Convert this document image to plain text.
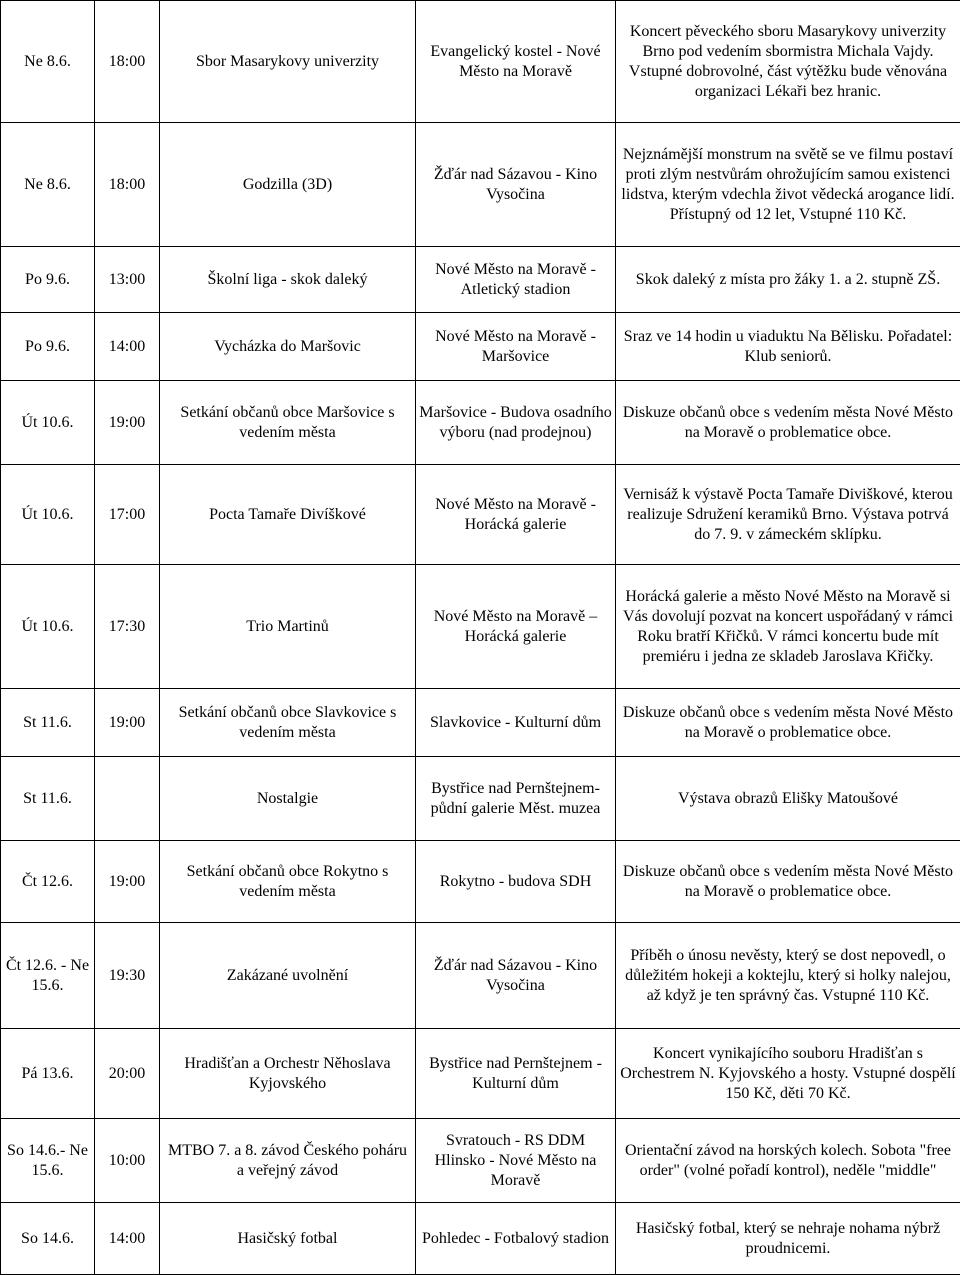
Ne 8.6.	18:00	Sbor Masarykovy univerzity	Evangelický kostel - Nové Město na Moravě	Koncert pěveckého sboru Masarykovy univerzity Brno pod vedením sbormistra Michala Vajdy. Vstupné dobrovolné, část výtěžku bude věnována organizaci Lékaři bez hranic.
Ne 8.6.	18:00	Godzilla (3D)	Žďár nad Sázavou - Kino Vysočina	Nejznámější monstrum na světě se ve filmu postaví proti zlým nestvůrám ohrožujícím samou existenci lidstva, kterým vdechla život vědecká arogance lidí. Přístupný od 12 let, Vstupné 110 Kč.
Po 9.6.	13:00	Školní liga - skok daleký	Nové Město na Moravě - Atletický stadion	Skok daleký z místa pro žáky 1. a 2. stupně ZŠ.
Po 9.6.	14:00	Vycházka do Maršovic	Nové Město na Moravě - Maršovice	Sraz ve 14 hodin u viaduktu Na Bělisku. Pořadatel: Klub seniorů.
Út 10.6.	19:00	Setkání občanů obce Maršovice s vedením města	Maršovice - Budova osadního výboru (nad prodejnou)	Diskuze občanů obce s vedením města Nové Město na Moravě o problematice obce.
Út 10.6.	17:00	Pocta Tamaře Divíškové	Nové Město na Moravě - Horácká galerie	Vernisáž k výstavě Pocta Tamaře Diviškové, kterou realizuje Sdružení keramiků Brno. Výstava potrvá do 7. 9. v zámeckém sklípku.
Út 10.6.	17:30	Trio Martinů	Nové Město na Moravě – Horácká galerie	Horácká galerie a město Nové Město na Moravě si Vás dovolují pozvat na koncert uspořádaný v rámci Roku bratří Křičků. V rámci koncertu bude mít premiéru i jedna ze skladeb Jaroslava Křičky.
St 11.6.	19:00	Setkání občanů obce Slavkovice s vedením města	Slavkovice - Kulturní dům	Diskuze občanů obce s vedením města Nové Město na Moravě o problematice obce.
St 11.6.		Nostalgie	Bystřice nad Pernštejnem-půdní galerie Měst. muzea	Výstava obrazů Elišky Matoušové
Čt 12.6.	19:00	Setkání občanů obce Rokytno s vedením města	Rokytno - budova SDH	Diskuze občanů obce s vedením města Nové Město na Moravě o problematice obce.
Čt 12.6. - Ne 15.6.	19:30	Zakázané uvolnění	Žďár nad Sázavou - Kino Vysočina	Příběh o únosu nevěsty, který se dost nepovedl, o důležitém hokeji a koktejlu, který si holky nalejou, až když je ten správný čas. Vstupné 110 Kč.
Pá 13.6.	20:00	Hradišťan a Orchestr Něhoslava Kyjovského	Bystřice nad Pernštejnem - Kulturní dům	Koncert vynikajícího souboru Hradišťan s Orchestrem N. Kyjovského a hosty. Vstupné dospělí 150 Kč, děti 70 Kč.
So 14.6.- Ne 15.6.	10:00	MTBO 7. a 8. závod Českého poháru a veřejný závod	Svratouch - RS DDM Hlinsko - Nové Město na Moravě	Orientační závod na horských kolech. Sobota "free order" (volné pořadí kontrol), neděle "middle"
So 14.6.	14:00	Hasičský fotbal	Pohledec - Fotbalový stadion	Hasičský fotbal, který se nehraje nohama nýbrž proudnicemi.
